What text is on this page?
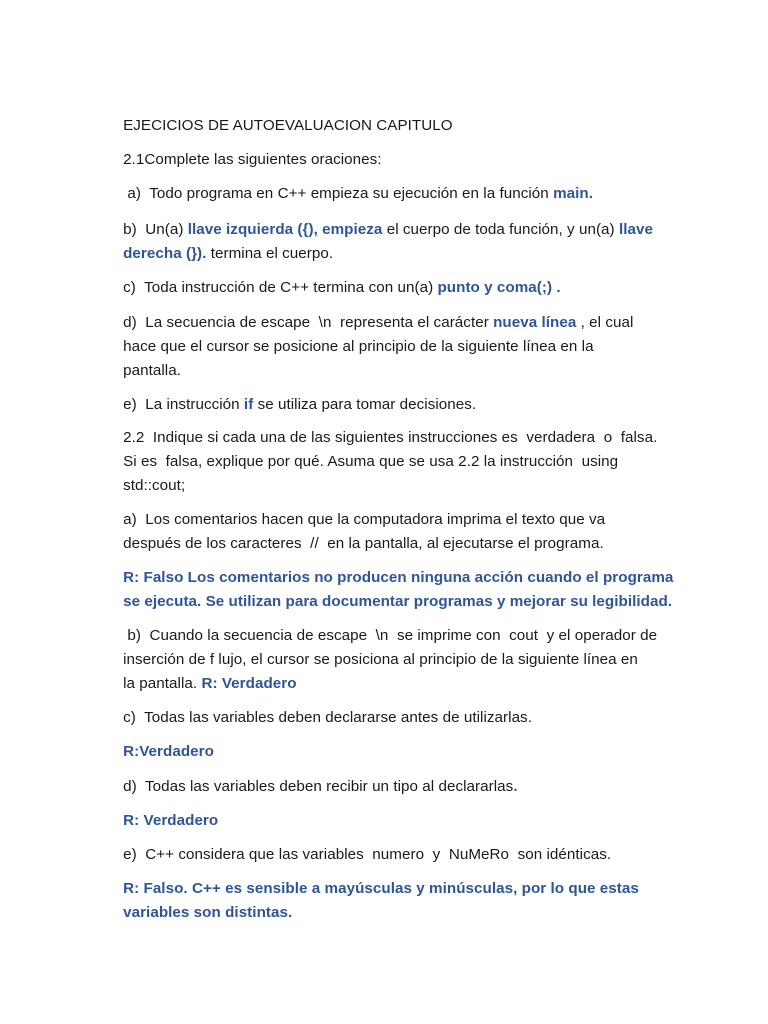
EJECICIOS DE AUTOEVALUACION CAPITULO

2.1Complete las siguientes oraciones:

a)  Todo programa en C++ empieza su ejecución en la función main.

b)  Un(a) llave izquierda ({), empieza el cuerpo de toda función, y un(a) llave

derecha (}). termina el cuerpo.

c)  Toda instrucción de C++ termina con un(a) punto y coma(;) .

d)  La secuencia de escape  \n  representa el carácter nueva línea , el cual

hace que el cursor se posicione al principio de la siguiente línea en la

pantalla.

e)  La instrucción if se utiliza para tomar decisiones.

2.2  Indique si cada una de las siguientes instrucciones es  verdadera  o  falsa.

Si es  falsa, explique por qué. Asuma que se usa 2.2 la instrucción  using

std::cout;

a)  Los comentarios hacen que la computadora imprima el texto que va

después de los caracteres  //  en la pantalla, al ejecutarse el programa.

R: Falso Los comentarios no producen ninguna acción cuando el programa

se ejecuta. Se utilizan para documentar programas y mejorar su legibilidad.

b)  Cuando la secuencia de escape  \n  se imprime con  cout  y el operador de

inserción de f lujo, el cursor se posiciona al principio de la siguiente línea en

la pantalla. R: Verdadero

c)  Todas las variables deben declararse antes de utilizarlas.

R:Verdadero

d)  Todas las variables deben recibir un tipo al declararlas.

R: Verdadero

e)  C++ considera que las variables  numero  y  NuMeRo  son idénticas.

R: Falso. C++ es sensible a mayúsculas y minúsculas, por lo que estas

variables son distintas.
